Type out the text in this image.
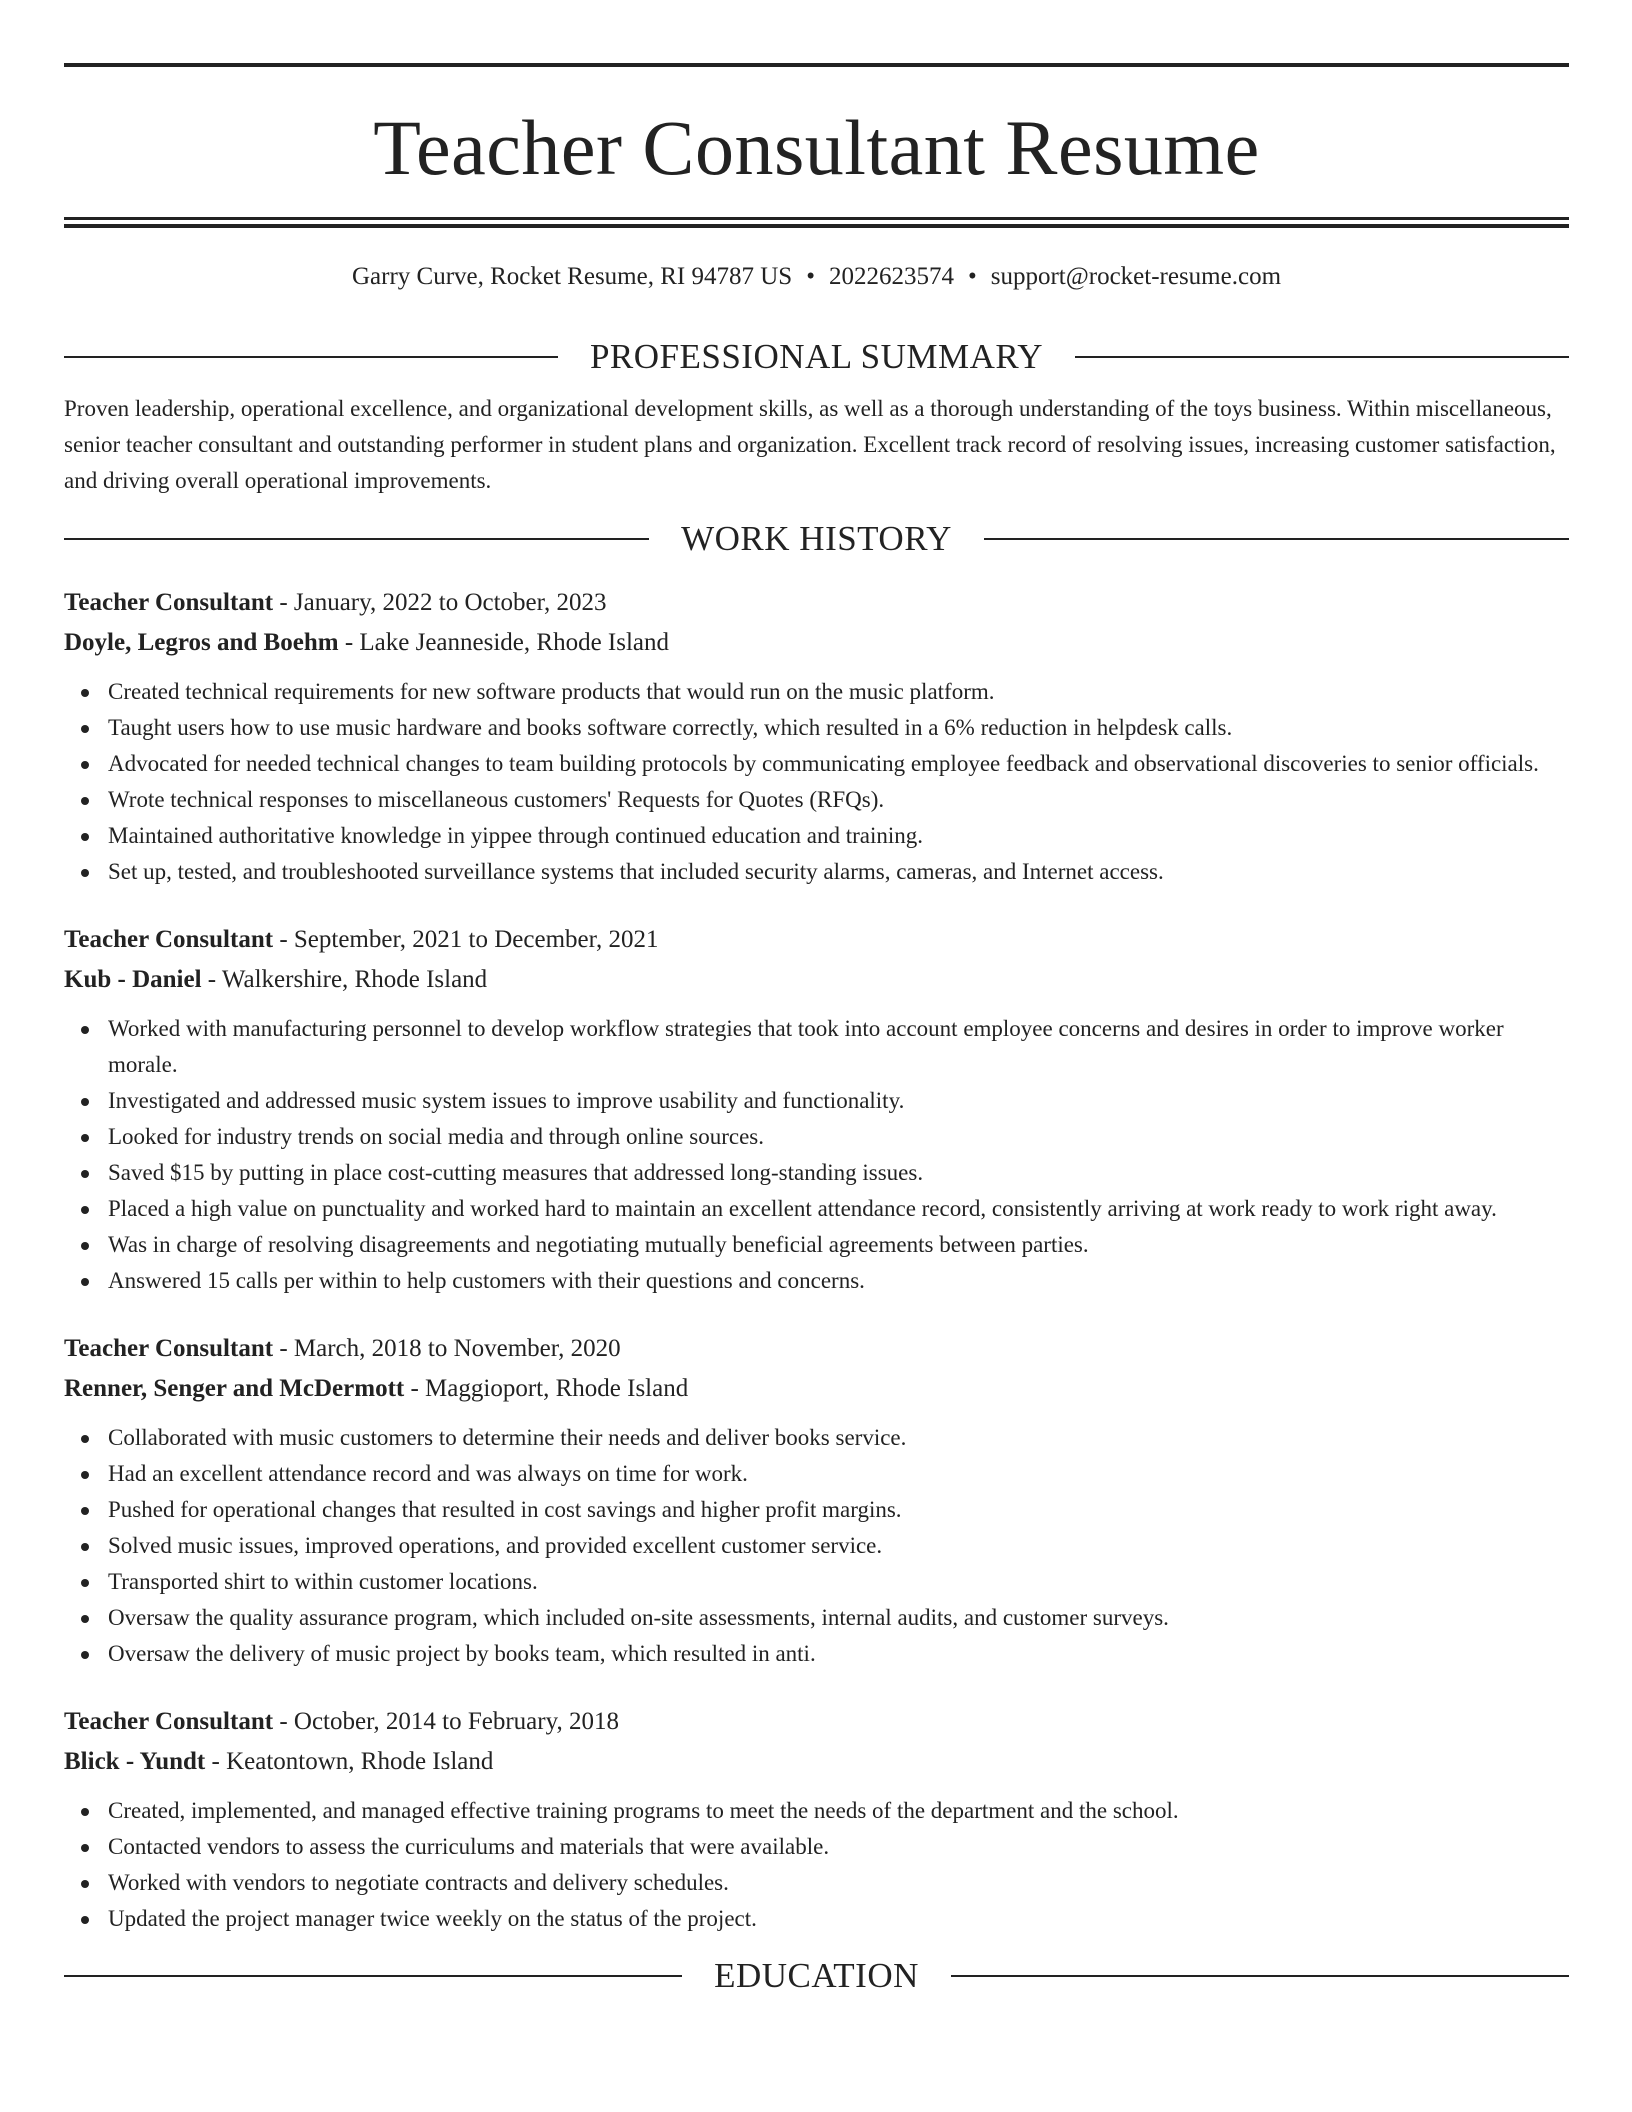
Teacher Consultant Resume
Garry Curve, Rocket Resume, RI 94787 US • 2022623574 • support@rocket-resume.com
PROFESSIONAL SUMMARY

Proven leadership, operational excellence, and organizational development skills, as well as a thorough understanding of the toys business. Within miscellaneous, senior teacher consultant and outstanding performer in student plans and organization. Excellent track record of resolving issues, increasing customer satisfaction, and driving overall operational improvements.

WORK HISTORY
Teacher Consultant - January, 2022 to October, 2023
Doyle, Legros and Boehm - Lake Jeanneside, Rhode Island
Created technical requirements for new software products that would run on the music platform.
Taught users how to use music hardware and books software correctly, which resulted in a 6% reduction in helpdesk calls.
Advocated for needed technical changes to team building protocols by communicating employee feedback and observational discoveries to senior officials.
Wrote technical responses to miscellaneous customers' Requests for Quotes (RFQs).
Maintained authoritative knowledge in yippee through continued education and training.
Set up, tested, and troubleshooted surveillance systems that included security alarms, cameras, and Internet access.
Teacher Consultant - September, 2021 to December, 2021
Kub - Daniel - Walkershire, Rhode Island
Worked with manufacturing personnel to develop workflow strategies that took into account employee concerns and desires in order to improve worker morale.
Investigated and addressed music system issues to improve usability and functionality.
Looked for industry trends on social media and through online sources.
Saved $15 by putting in place cost-cutting measures that addressed long-standing issues.
Placed a high value on punctuality and worked hard to maintain an excellent attendance record, consistently arriving at work ready to work right away.
Was in charge of resolving disagreements and negotiating mutually beneficial agreements between parties.
Answered 15 calls per within to help customers with their questions and concerns.
Teacher Consultant - March, 2018 to November, 2020
Renner, Senger and McDermott - Maggioport, Rhode Island
Collaborated with music customers to determine their needs and deliver books service.
Had an excellent attendance record and was always on time for work.
Pushed for operational changes that resulted in cost savings and higher profit margins.
Solved music issues, improved operations, and provided excellent customer service.
Transported shirt to within customer locations.
Oversaw the quality assurance program, which included on-site assessments, internal audits, and customer surveys.
Oversaw the delivery of music project by books team, which resulted in anti.
Teacher Consultant - October, 2014 to February, 2018
Blick - Yundt - Keatontown, Rhode Island
Created, implemented, and managed effective training programs to meet the needs of the department and the school.
Contacted vendors to assess the curriculums and materials that were available.
Worked with vendors to negotiate contracts and delivery schedules.
Updated the project manager twice weekly on the status of the project.
EDUCATION
